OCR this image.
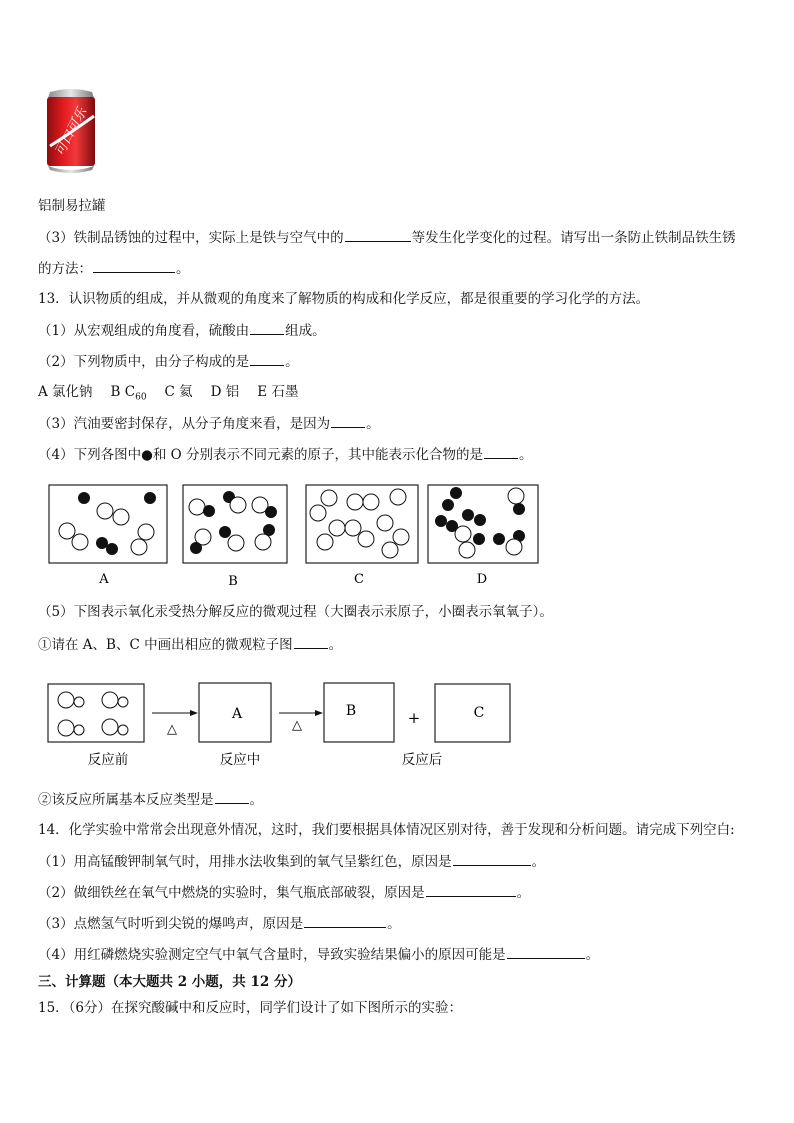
可口可乐
铝制易拉罐
（3）铁制品锈蚀的过程中，实际上是铁与空气中的	等发生化学变化的过程。请写出一条防止铁制品铁生锈
的方法：	。
13．认识物质的组成，并从微观的角度来了解物质的构成和化学反应，都是很重要的学习化学的方法。
（1）从宏观组成的角度看，硫酸由	组成。
（2）下列物质中，由分子构成的是	。
A 氯化钠 B $C_{60}$ C 氦 D 铝 E 石墨
（3）汽油要密封保存，从分子角度来看，是因为	。
（4）下列各图中●和 O 分别表示不同元素的原子，其中能表示化合物的是	。
A	B	C	D
（5）下图表示氧化汞受热分解反应的微观过程（大圈表示汞原子，小圈表示氧氧子）。
①请在 A、B、C 中画出相应的微观粒子图	。
△
A
△
B	+	C
反应前	反应中	反应后
②该反应所属基本反应类型是	。
14．化学实验中常常会出现意外情况，这时，我们要根据具体情况区别对待，善于发现和分析问题。请完成下列空白:
（1）用高锰酸钾制氧气时，用排水法收集到的氧气呈紫红色，原因是	。
（2）做细铁丝在氧气中燃烧的实验时，集气瓶底部破裂，原因是	。
（3）点燃氢气时听到尖锐的爆鸣声，原因是	。
（4）用红磷燃烧实验测定空气中氧气含量时，导致实验结果偏小的原因可能是	。
三、计算题（本大题共 2 小题，共 12 分）
15．（6分）在探究酸碱中和反应时，同学们设计了如下图所示的实验：
